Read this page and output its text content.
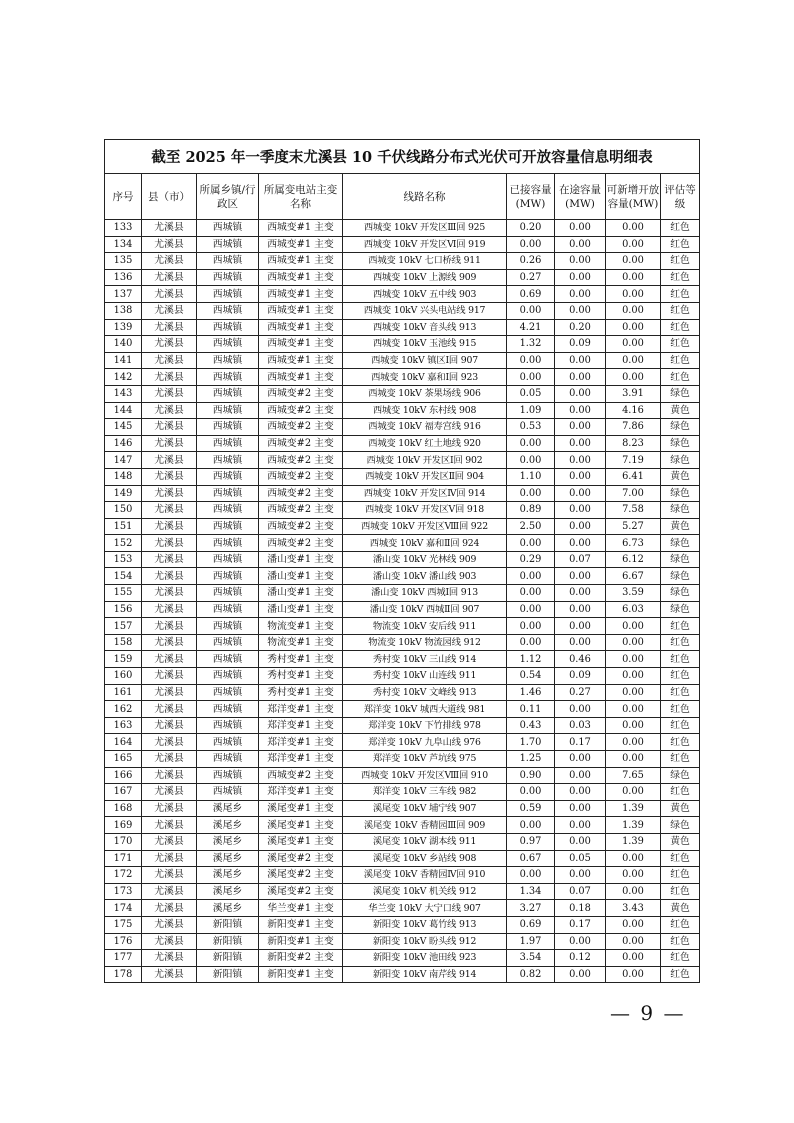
截至 2025 年一季度末尤溪县 10 千伏线路分布式光伏可开放容量信息明细表								
序号	县（市）	所属乡镇/行政区	所属变电站主变名称	线路名称	已接容量(MW)	在途容量(MW)	可新增开放容量(MW)	评估等级
133	尤溪县	西城镇	西城变#1 主变	西城变 10kV 开发区Ⅲ回 925	0.20	0.00	0.00	红色
134	尤溪县	西城镇	西城变#1 主变	西城变 10kV 开发区Ⅵ回 919	0.00	0.00	0.00	红色
135	尤溪县	西城镇	西城变#1 主变	西城变 10kV 七口桥线 911	0.26	0.00	0.00	红色
136	尤溪县	西城镇	西城变#1 主变	西城变 10kV 上源线 909	0.27	0.00	0.00	红色
137	尤溪县	西城镇	西城变#1 主变	西城变 10kV 五中线 903	0.69	0.00	0.00	红色
138	尤溪县	西城镇	西城变#1 主变	西城变 10kV 兴头电站线 917	0.00	0.00	0.00	红色
139	尤溪县	西城镇	西城变#1 主变	西城变 10kV 音头线 913	4.21	0.20	0.00	红色
140	尤溪县	西城镇	西城变#1 主变	西城变 10kV 玉池线 915	1.32	0.09	0.00	红色
141	尤溪县	西城镇	西城变#1 主变	西城变 10kV 镇区Ⅰ回 907	0.00	0.00	0.00	红色
142	尤溪县	西城镇	西城变#1 主变	西城变 10kV 嘉和Ⅰ回 923	0.00	0.00	0.00	红色
143	尤溪县	西城镇	西城变#2 主变	西城变 10kV 茶果场线 906	0.05	0.00	3.91	绿色
144	尤溪县	西城镇	西城变#2 主变	西城变 10kV 东村线 908	1.09	0.00	4.16	黄色
145	尤溪县	西城镇	西城变#2 主变	西城变 10kV 福寿宫线 916	0.53	0.00	7.86	绿色
146	尤溪县	西城镇	西城变#2 主变	西城变 10kV 红土地线 920	0.00	0.00	8.23	绿色
147	尤溪县	西城镇	西城变#2 主变	西城变 10kV 开发区Ⅰ回 902	0.00	0.00	7.19	绿色
148	尤溪县	西城镇	西城变#2 主变	西城变 10kV 开发区Ⅱ回 904	1.10	0.00	6.41	黄色
149	尤溪县	西城镇	西城变#2 主变	西城变 10kV 开发区Ⅳ回 914	0.00	0.00	7.00	绿色
150	尤溪县	西城镇	西城变#2 主变	西城变 10kV 开发区Ⅴ回 918	0.89	0.00	7.58	绿色
151	尤溪县	西城镇	西城变#2 主变	西城变 10kV 开发区Ⅷ回 922	2.50	0.00	5.27	黄色
152	尤溪县	西城镇	西城变#2 主变	西城变 10kV 嘉和Ⅱ回 924	0.00	0.00	6.73	绿色
153	尤溪县	西城镇	潘山变#1 主变	潘山变 10kV 光林线 909	0.29	0.07	6.12	绿色
154	尤溪县	西城镇	潘山变#1 主变	潘山变 10kV 潘山线 903	0.00	0.00	6.67	绿色
155	尤溪县	西城镇	潘山变#1 主变	潘山变 10kV 西城Ⅰ回 913	0.00	0.00	3.59	绿色
156	尤溪县	西城镇	潘山变#1 主变	潘山变 10kV 西城Ⅱ回 907	0.00	0.00	6.03	绿色
157	尤溪县	西城镇	物流变#1 主变	物流变 10kV 安后线 911	0.00	0.00	0.00	红色
158	尤溪县	西城镇	物流变#1 主变	物流变 10kV 物流园线 912	0.00	0.00	0.00	红色
159	尤溪县	西城镇	秀村变#1 主变	秀村变 10kV 三山线 914	1.12	0.46	0.00	红色
160	尤溪县	西城镇	秀村变#1 主变	秀村变 10kV 山连线 911	0.54	0.09	0.00	红色
161	尤溪县	西城镇	秀村变#1 主变	秀村变 10kV 文峰线 913	1.46	0.27	0.00	红色
162	尤溪县	西城镇	郑洋变#1 主变	郑洋变 10kV 城西大道线 981	0.11	0.00	0.00	红色
163	尤溪县	西城镇	郑洋变#1 主变	郑洋变 10kV 下竹排线 978	0.43	0.03	0.00	红色
164	尤溪县	西城镇	郑洋变#1 主变	郑洋变 10kV 九阜山线 976	1.70	0.17	0.00	红色
165	尤溪县	西城镇	郑洋变#1 主变	郑洋变 10kV 芦坑线 975	1.25	0.00	0.00	红色
166	尤溪县	西城镇	西城变#2 主变	西城变 10kV 开发区Ⅷ回 910	0.90	0.00	7.65	绿色
167	尤溪县	西城镇	郑洋变#1 主变	郑洋变 10kV 三车线 982	0.00	0.00	0.00	红色
168	尤溪县	溪尾乡	溪尾变#1 主变	溪尾变 10kV 埔宁线 907	0.59	0.00	1.39	黄色
169	尤溪县	溪尾乡	溪尾变#1 主变	溪尾变 10kV 香精园Ⅲ回 909	0.00	0.00	1.39	绿色
170	尤溪县	溪尾乡	溪尾变#1 主变	溪尾变 10kV 湖本线 911	0.97	0.00	1.39	黄色
171	尤溪县	溪尾乡	溪尾变#2 主变	溪尾变 10kV 乡站线 908	0.67	0.05	0.00	红色
172	尤溪县	溪尾乡	溪尾变#2 主变	溪尾变 10kV 香精园Ⅳ回 910	0.00	0.00	0.00	红色
173	尤溪县	溪尾乡	溪尾变#2 主变	溪尾变 10kV 机关线 912	1.34	0.07	0.00	红色
174	尤溪县	溪尾乡	华兰变#1 主变	华兰变 10kV 大宁口线 907	3.27	0.18	3.43	黄色
175	尤溪县	新阳镇	新阳变#1 主变	新阳变 10kV 葛竹线 913	0.69	0.17	0.00	红色
176	尤溪县	新阳镇	新阳变#1 主变	新阳变 10kV 盼头线 912	1.97	0.00	0.00	红色
177	尤溪县	新阳镇	新阳变#2 主变	新阳变 10kV 池田线 923	3.54	0.12	0.00	红色
178	尤溪县	新阳镇	新阳变#1 主变	新阳变 10kV 南芹线 914	0.82	0.00	0.00	红色
— 9 —
